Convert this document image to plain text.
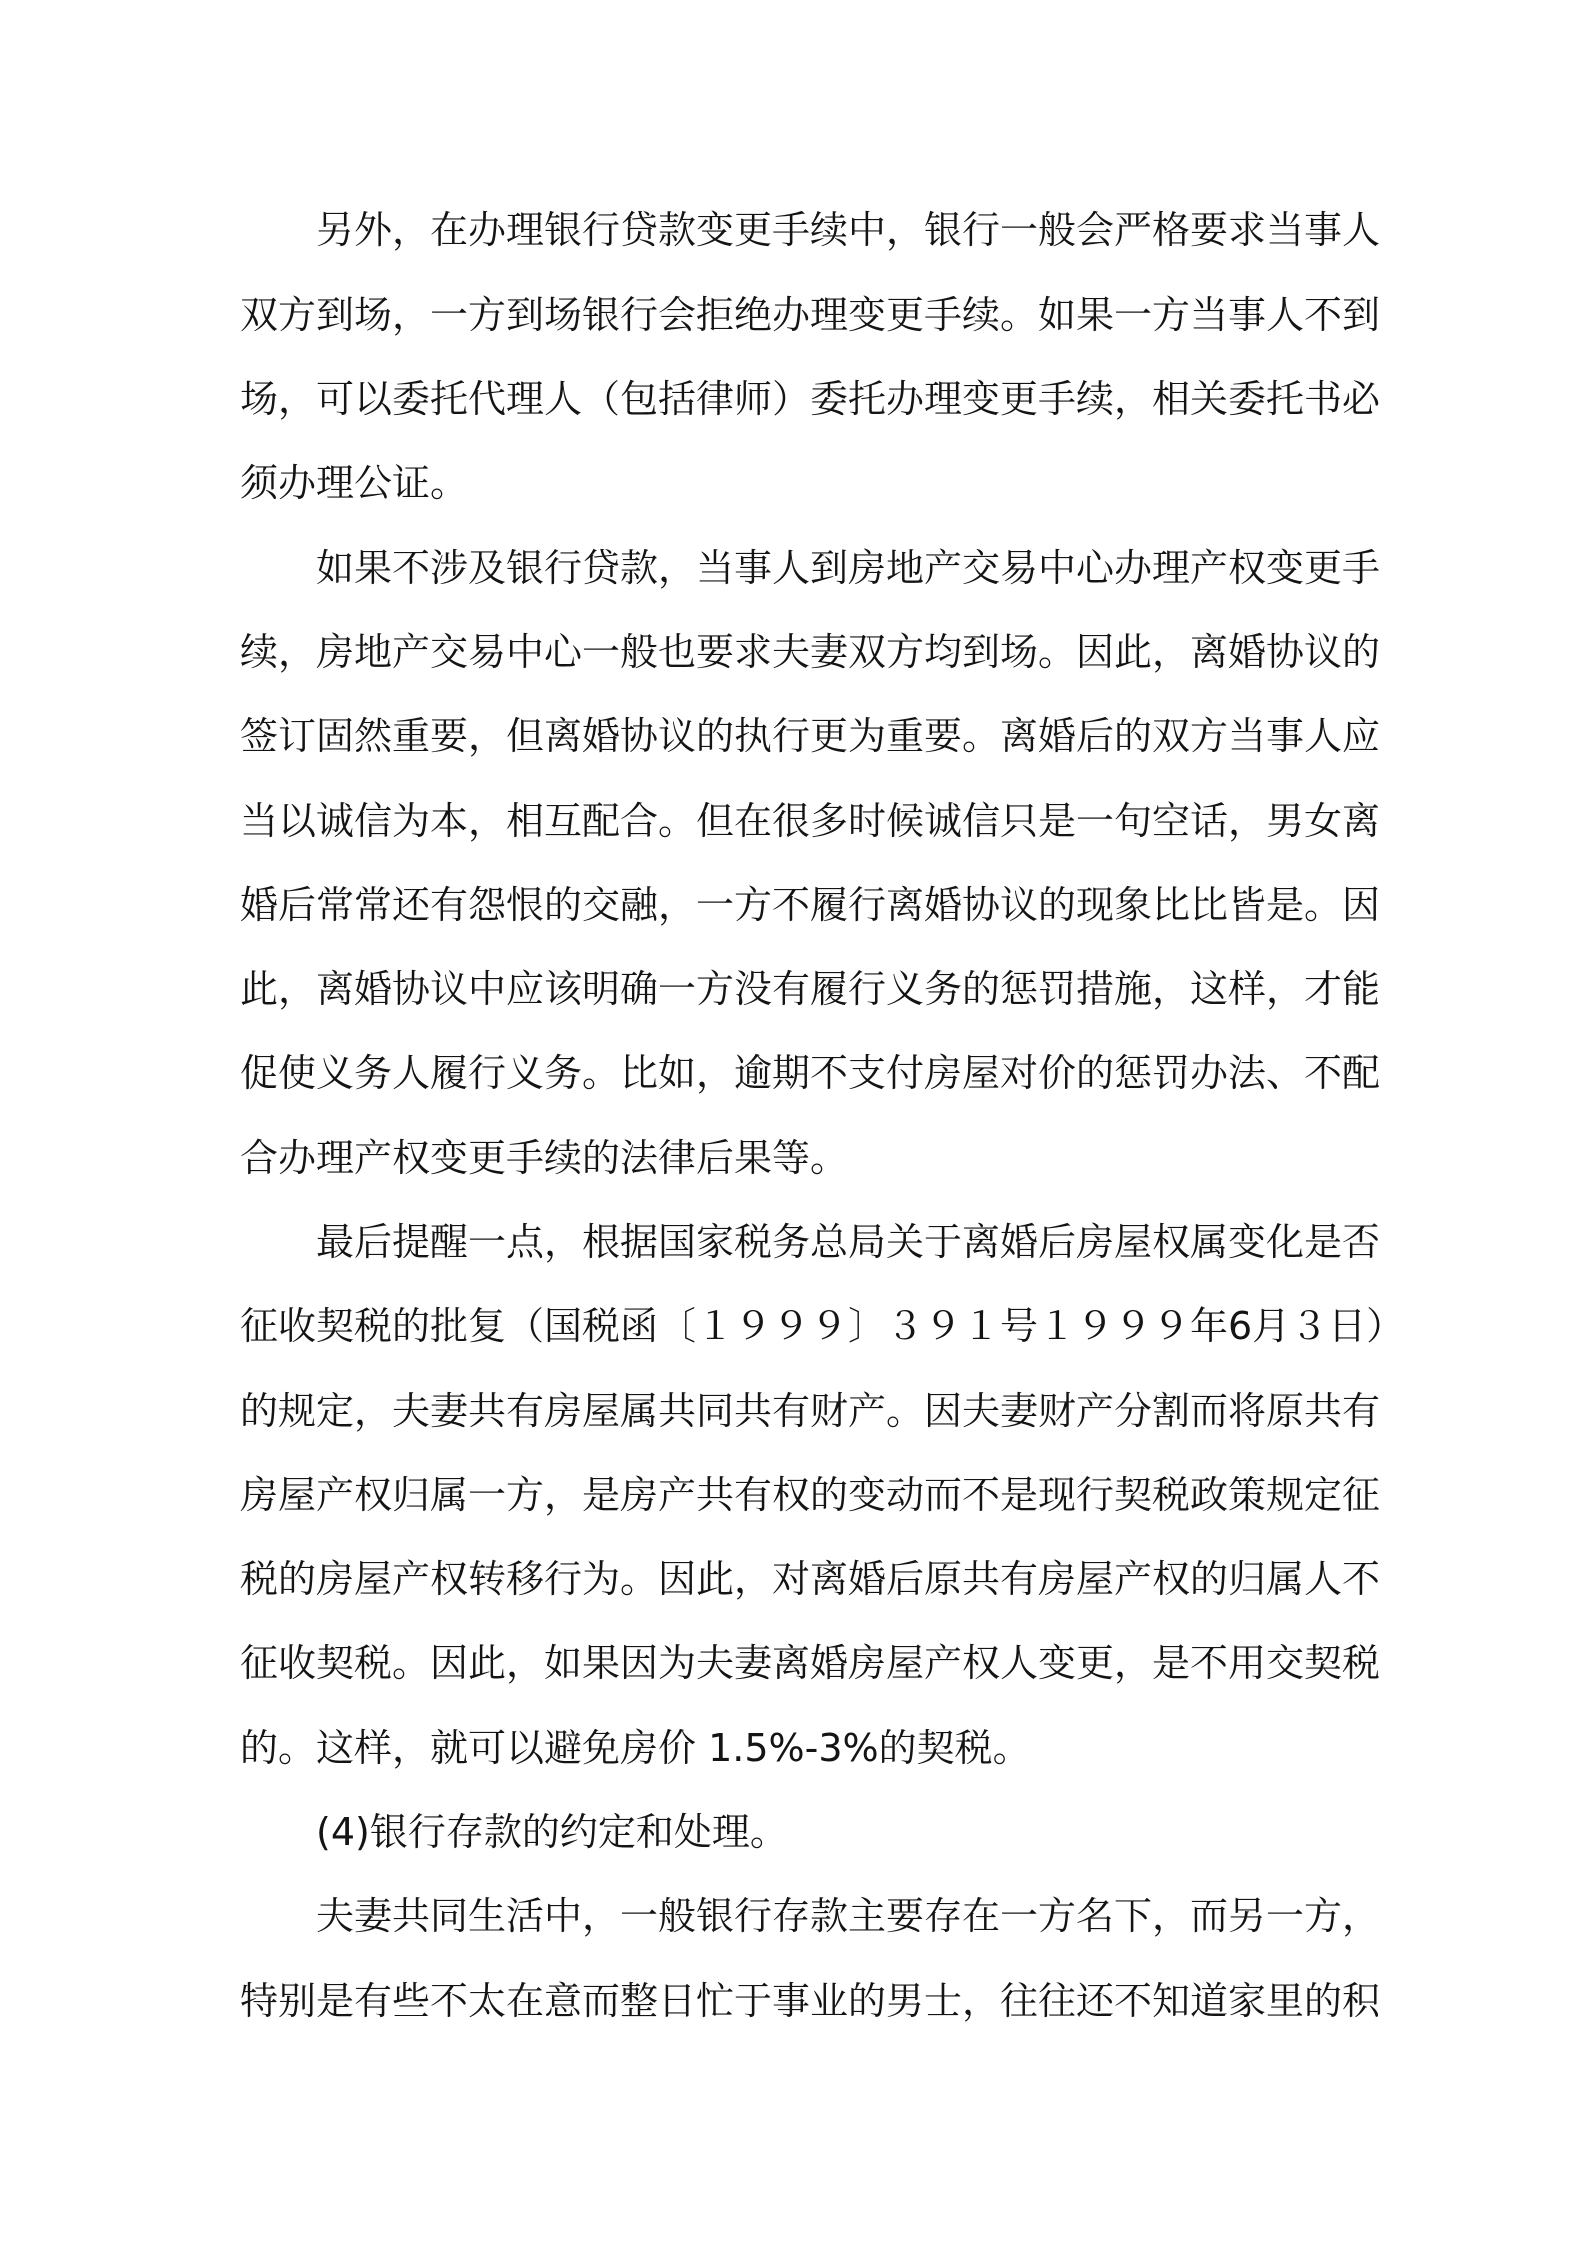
另外，在办理银行贷款变更手续中，银行一般会严格要求当事人
双方到场，一方到场银行会拒绝办理变更手续。如果一方当事人不到
场，可以委托代理人（包括律师）委托办理变更手续，相关委托书必
须办理公证。
如果不涉及银行贷款，当事人到房地产交易中心办理产权变更手
续，房地产交易中心一般也要求夫妻双方均到场。因此，离婚协议的
签订固然重要，但离婚协议的执行更为重要。离婚后的双方当事人应
当以诚信为本，相互配合。但在很多时候诚信只是一句空话，男女离
婚后常常还有怨恨的交融，一方不履行离婚协议的现象比比皆是。因
此，离婚协议中应该明确一方没有履行义务的惩罚措施，这样，才能
促使义务人履行义务。比如，逾期不支付房屋对价的惩罚办法、不配
合办理产权变更手续的法律后果等。
最后提醒一点，根据国家税务总局关于离婚后房屋权属变化是否
征收契税的批复（国税函〔１９９９〕３９１号１９９９年6月３日）
的规定，夫妻共有房屋属共同共有财产。因夫妻财产分割而将原共有
房屋产权归属一方，是房产共有权的变动而不是现行契税政策规定征
税的房屋产权转移行为。因此，对离婚后原共有房屋产权的归属人不
征收契税。因此，如果因为夫妻离婚房屋产权人变更，是不用交契税
的。这样，就可以避免房价 1.5%-3%的契税。
(4)银行存款的约定和处理。
夫妻共同生活中，一般银行存款主要存在一方名下，而另一方，
特别是有些不太在意而整日忙于事业的男士，往往还不知道家里的积
